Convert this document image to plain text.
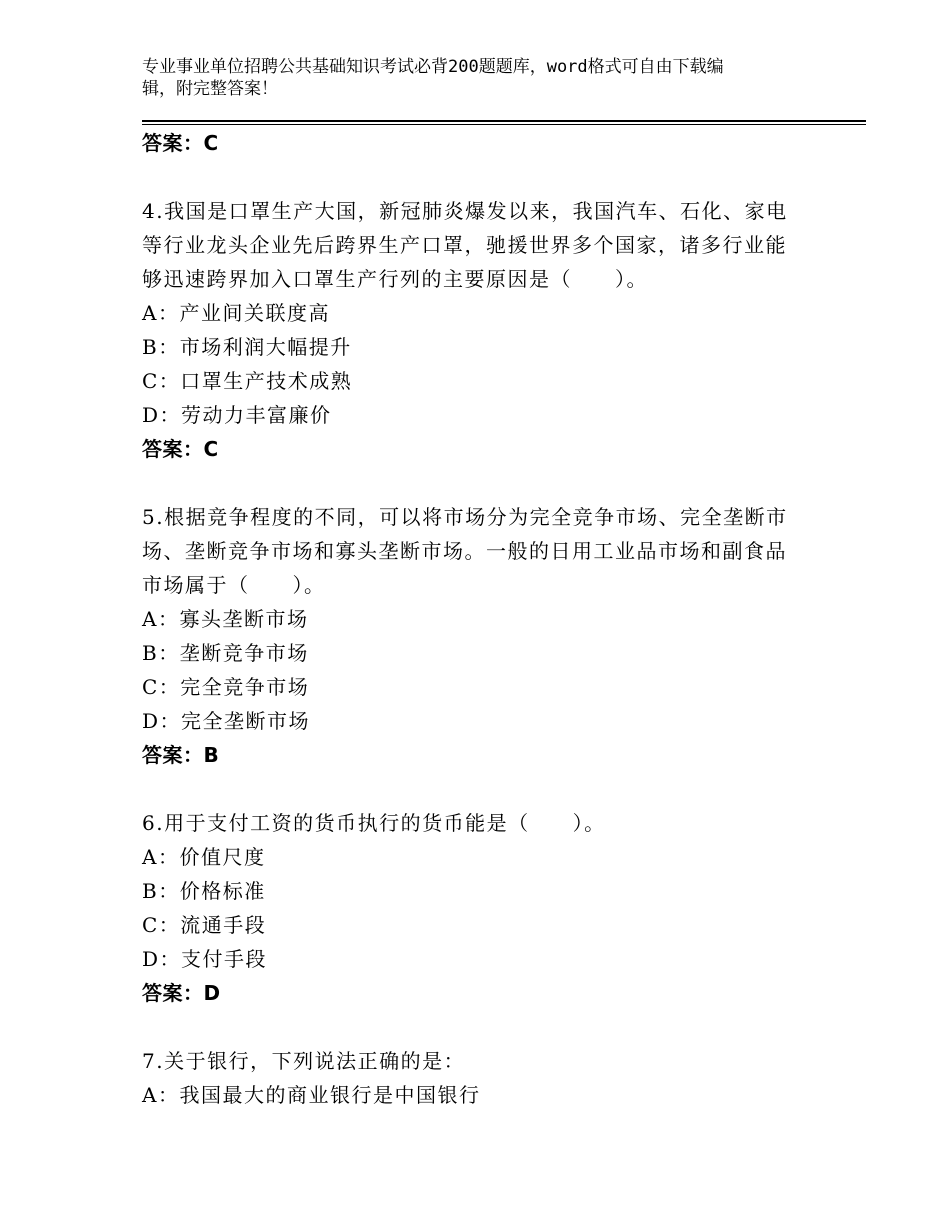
专业事业单位招聘公共基础知识考试必背200题题库，word格式可自由下载编
辑，附完整答案！
答案：C
4.我国是口罩生产大国，新冠肺炎爆发以来，我国汽车、石化、家电
等行业龙头企业先后跨界生产口罩，驰援世界多个国家，诸多行业能
够迅速跨界加入口罩生产行列的主要原因是（　　）。
A：产业间关联度高
B：市场利润大幅提升
C：口罩生产技术成熟
D：劳动力丰富廉价
答案：C
5.根据竞争程度的不同，可以将市场分为完全竞争市场、完全垄断市
场、垄断竞争市场和寡头垄断市场。一般的日用工业品市场和副食品
市场属于（　　）。
A：寡头垄断市场
B：垄断竞争市场
C：完全竞争市场
D：完全垄断市场
答案：B
6.用于支付工资的货币执行的货币能是（　　）。
A：价值尺度
B：价格标准
C：流通手段
D：支付手段
答案：D
7.关于银行，下列说法正确的是：
A：我国最大的商业银行是中国银行
